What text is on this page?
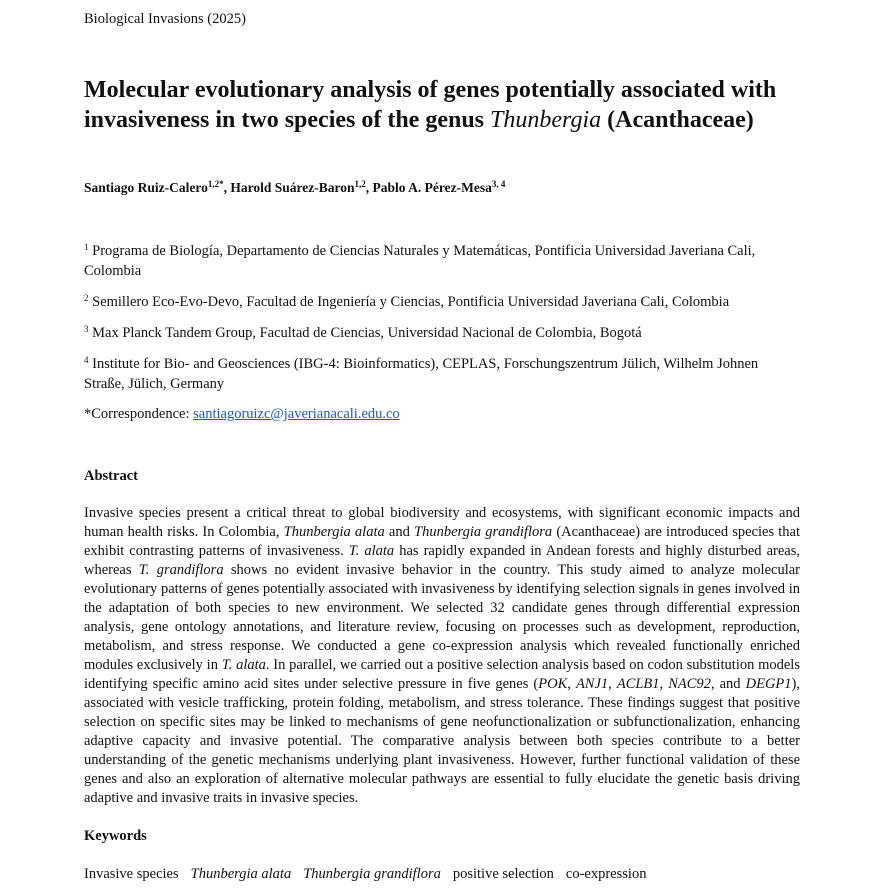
Biological Invasions (2025)
Molecular evolutionary analysis of genes potentially associated with invasiveness in two species of the genus Thunbergia (Acanthaceae)
Santiago Ruiz-Calero$^{1,2*}$, Harold Suárez-Baron$^{1,2}$, Pablo A. Pérez-Mesa$^{3, 4}$
$^1$ Programa de Biología, Departamento de Ciencias Naturales y Matemáticas, Pontificia Universidad Javeriana Cali, Colombia
$^2$ Semillero Eco-Evo-Devo, Facultad de Ingeniería y Ciencias, Pontificia Universidad Javeriana Cali, Colombia
$^3$ Max Planck Tandem Group, Facultad de Ciencias, Universidad Nacional de Colombia, Bogotá
$^4$ Institute for Bio- and Geosciences (IBG-4: Bioinformatics), CEPLAS, Forschungszentrum Jülich, Wilhelm Johnen Straße, Jülich, Germany
*Correspondence: santiagoruizc@javerianacali.edu.co
Abstract
Invasive species present a critical threat to global biodiversity and ecosystems, with significant economic impacts and human health risks. In Colombia, Thunbergia alata and Thunbergia grandiflora (Acanthaceae) are introduced species that exhibit contrasting patterns of invasiveness. T. alata has rapidly expanded in Andean forests and highly disturbed areas, whereas T. grandiflora shows no evident invasive behavior in the country. This study aimed to analyze molecular evolutionary patterns of genes potentially associated with invasiveness by identifying selection signals in genes involved in the adaptation of both species to new environment. We selected 32 candidate genes through differential expression analysis, gene ontology annotations, and literature review, focusing on processes such as development, reproduction, metabolism, and stress response. We conducted a gene co-expression analysis which revealed functionally enriched modules exclusively in T. alata. In parallel, we carried out a positive selection analysis based on codon substitution models identifying specific amino acid sites under selective pressure in five genes (POK, ANJ1, ACLB1, NAC92, and DEGP1), associated with vesicle trafficking, protein folding, metabolism, and stress tolerance. These findings suggest that positive selection on specific sites may be linked to mechanisms of gene neofunctionalization or subfunctionalization, enhancing adaptive capacity and invasive potential. The comparative analysis between both species contribute to a better understanding of the genetic mechanisms underlying plant invasiveness. However, further functional validation of these genes and also an exploration of alternative molecular pathways are essential to fully elucidate the genetic basis driving adaptive and invasive traits in invasive species.
Keywords
Invasive species Thunbergia alata Thunbergia grandiflora positive selection co-expression
